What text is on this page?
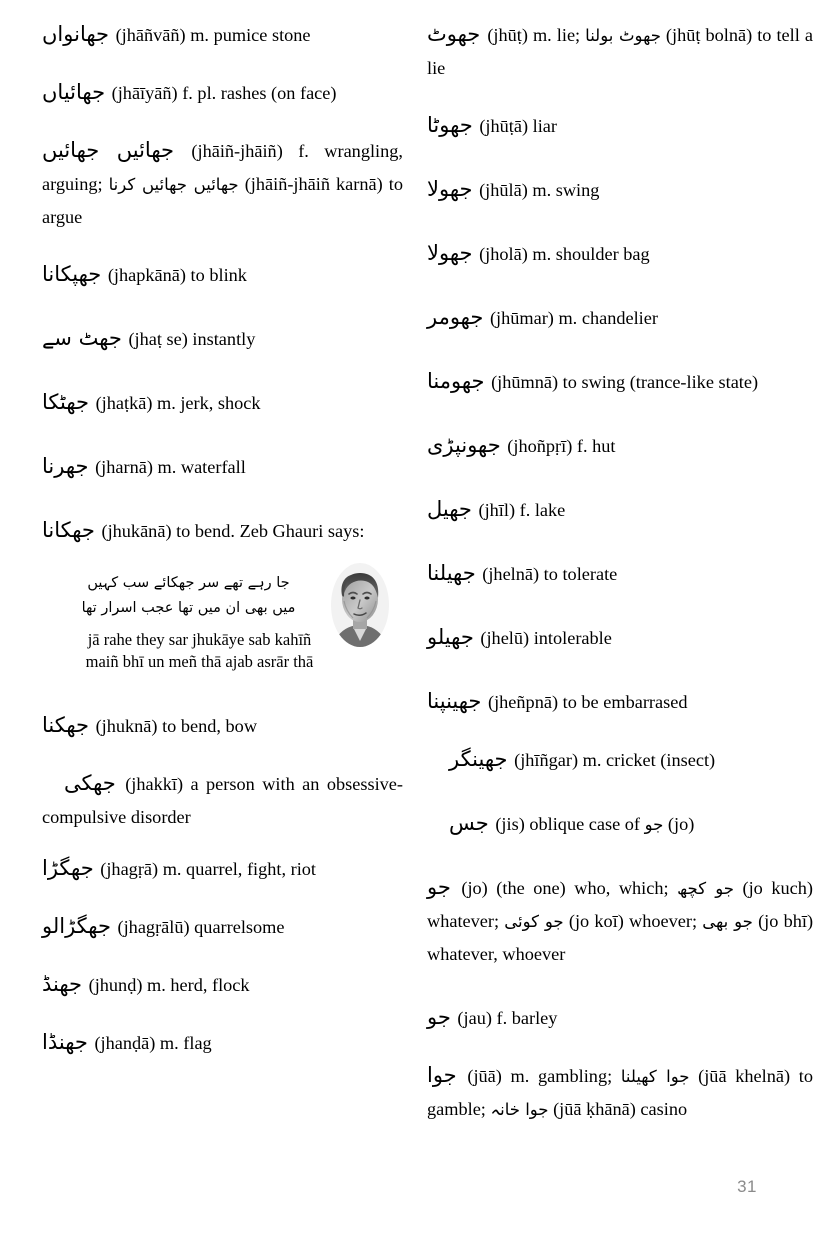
جھانواں (jhāñvāñ) m. pumice stone

جھائیاں (jhāīyāñ) f. pl. rashes (on face)

جھائیں جھائیں (jhāiñ-jhāiñ) f. wrangling, arguing; جھائیں جھائیں کرنا (jhāiñ-jhāiñ karnā) to argue

جھپکانا (jhapkānā) to blink

جھٹ سے (jhaṭ se) instantly

جھٹکا (jhaṭkā) m. jerk, shock

جھرنا (jharnā) m. waterfall

جھکانا (jhukānā) to bend. Zeb Ghauri says:

جا رہے تھے سر جھکائے سب کہیں
میں بھی ان میں تھا عجب اسرار تھا
jā rahe they sar jhukāye sab kahīñ
maiñ bhī un meñ thā ajab asrār thā

جھکنا (jhuknā) to bend, bow

جھکی (jhakkī) a person with an obsessive-compulsive disorder

جھگڑا (jhagṛā) m. quarrel, fight, riot

جھگڑالو (jhagṛālū) quarrelsome

جھنڈ (jhunḍ) m. herd, flock

جھنڈا (jhanḍā) m. flag

جھوٹ (jhūṭ) m. lie; جھوٹ بولنا (jhūṭ bolnā) to tell a lie

جھوٹا (jhūṭā) liar

جھولا (jhūlā) m. swing

جھولا (jholā) m. shoulder bag

جھومر (jhūmar) m. chandelier

جھومنا (jhūmnā) to swing (trance-like state)

جھونپڑی (jhoñpṛī) f. hut

جھیل (jhīl) f. lake

جھیلنا (jhelnā) to tolerate

جھیلو (jhelū) intolerable

جھینپنا (jheñpnā) to be embarrased

جھینگر (jhīñgar) m. cricket (insect)

جس (jis) oblique case of جو (jo)

جو (jo) (the one) who, which; جو کچھ (jo kuch) whatever; جو کوئی (jo koī) whoever; جو بھی (jo bhī) whatever, whoever

جو (jau) f. barley

جوا (jūā) m. gambling; جوا کھیلنا (jūā khelnā) to gamble; جوا خانہ (jūā ḳhānā) casino

31
